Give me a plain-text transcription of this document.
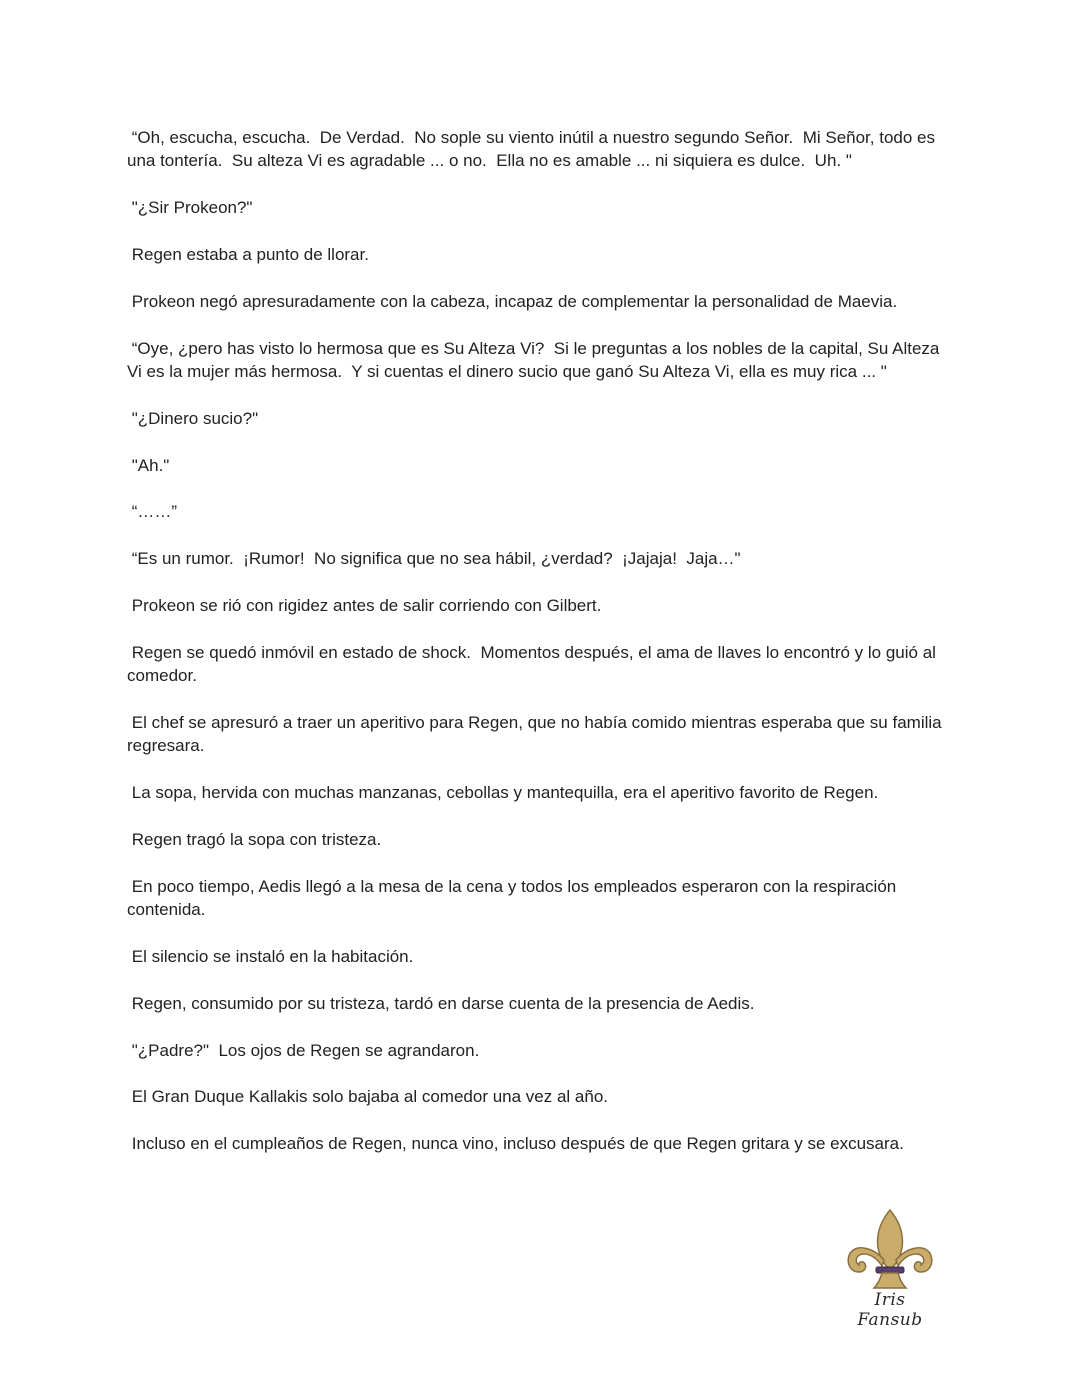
“Oh, escucha, escucha.  De Verdad.  No sople su viento inútil a nuestro segundo Señor.  Mi Señor, todo es una tontería.  Su alteza Vi es agradable ... o no.  Ella no es amable ... ni siquiera es dulce.  Uh. "

"¿Sir Prokeon?"

Regen estaba a punto de llorar.

Prokeon negó apresuradamente con la cabeza, incapaz de complementar la personalidad de Maevia.

“Oye, ¿pero has visto lo hermosa que es Su Alteza Vi?  Si le preguntas a los nobles de la capital, Su Alteza Vi es la mujer más hermosa.  Y si cuentas el dinero sucio que ganó Su Alteza Vi, ella es muy rica ... "

"¿Dinero sucio?"

"Ah."

“……”

“Es un rumor.  ¡Rumor!  No significa que no sea hábil, ¿verdad?  ¡Jajaja!  Jaja…"

Prokeon se rió con rigidez antes de salir corriendo con Gilbert.

Regen se quedó inmóvil en estado de shock.  Momentos después, el ama de llaves lo encontró y lo guió al comedor.

El chef se apresuró a traer un aperitivo para Regen, que no había comido mientras esperaba que su familia regresara.

La sopa, hervida con muchas manzanas, cebollas y mantequilla, era el aperitivo favorito de Regen.

Regen tragó la sopa con tristeza.

En poco tiempo, Aedis llegó a la mesa de la cena y todos los empleados esperaron con la respiración contenida.

El silencio se instaló en la habitación.

Regen, consumido por su tristeza, tardó en darse cuenta de la presencia de Aedis.

"¿Padre?"  Los ojos de Regen se agrandaron.

El Gran Duque Kallakis solo bajaba al comedor una vez al año.

Incluso en el cumpleaños de Regen, nunca vino, incluso después de que Regen gritara y se excusara.

Iris Fansub
